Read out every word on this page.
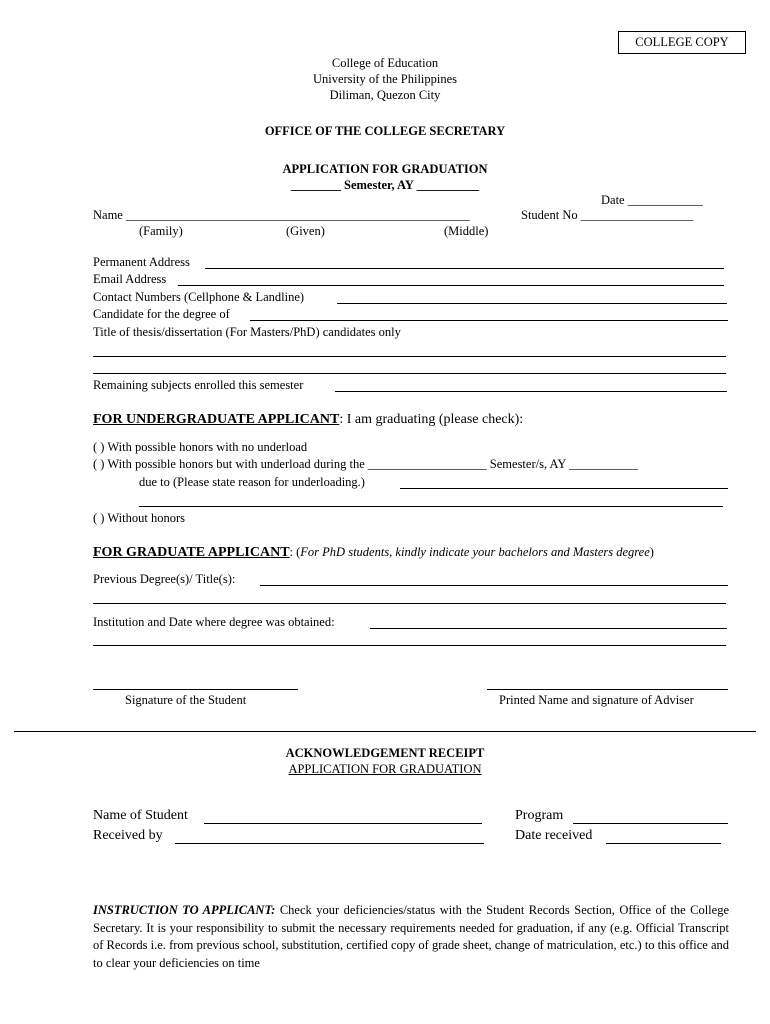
COLLEGE COPY
College of Education
University of the Philippines
Diliman, Quezon City
OFFICE OF THE COLLEGE SECRETARY
APPLICATION FOR GRADUATION
________ Semester, AY __________
Date ____________
Name _______________________________________________________	Student No __________________
(Family)	(Given)	(Middle)
Permanent Address
Email Address
Contact Numbers (Cellphone & Landline)
Candidate for the degree of
Title of thesis/dissertation (For Masters/PhD) candidates only
Remaining subjects enrolled this semester
FOR UNDERGRADUATE APPLICANT: I am graduating (please check):
( ) With possible honors with no underload
( ) With possible honors but with underload during the ___________________ Semester/s, AY ___________
due to (Please state reason for underloading.)
( ) Without honors
FOR GRADUATE APPLICANT: (For PhD students, kindly indicate your bachelors and Masters degree)
Previous Degree(s)/ Title(s):
Institution and Date where degree was obtained:
Signature of the Student	Printed Name and signature of Adviser
ACKNOWLEDGEMENT RECEIPT
APPLICATION FOR GRADUATION
Name of Student	Program
Received by	Date received
INSTRUCTION TO APPLICANT: Check your deficiencies/status with the Student Records Section, Office of the College Secretary. It is your responsibility to submit the necessary requirements needed for graduation, if any (e.g. Official Transcript of Records i.e. from previous school, substitution, certified copy of grade sheet, change of matriculation, etc.) to this office and to clear your deficiencies on time
